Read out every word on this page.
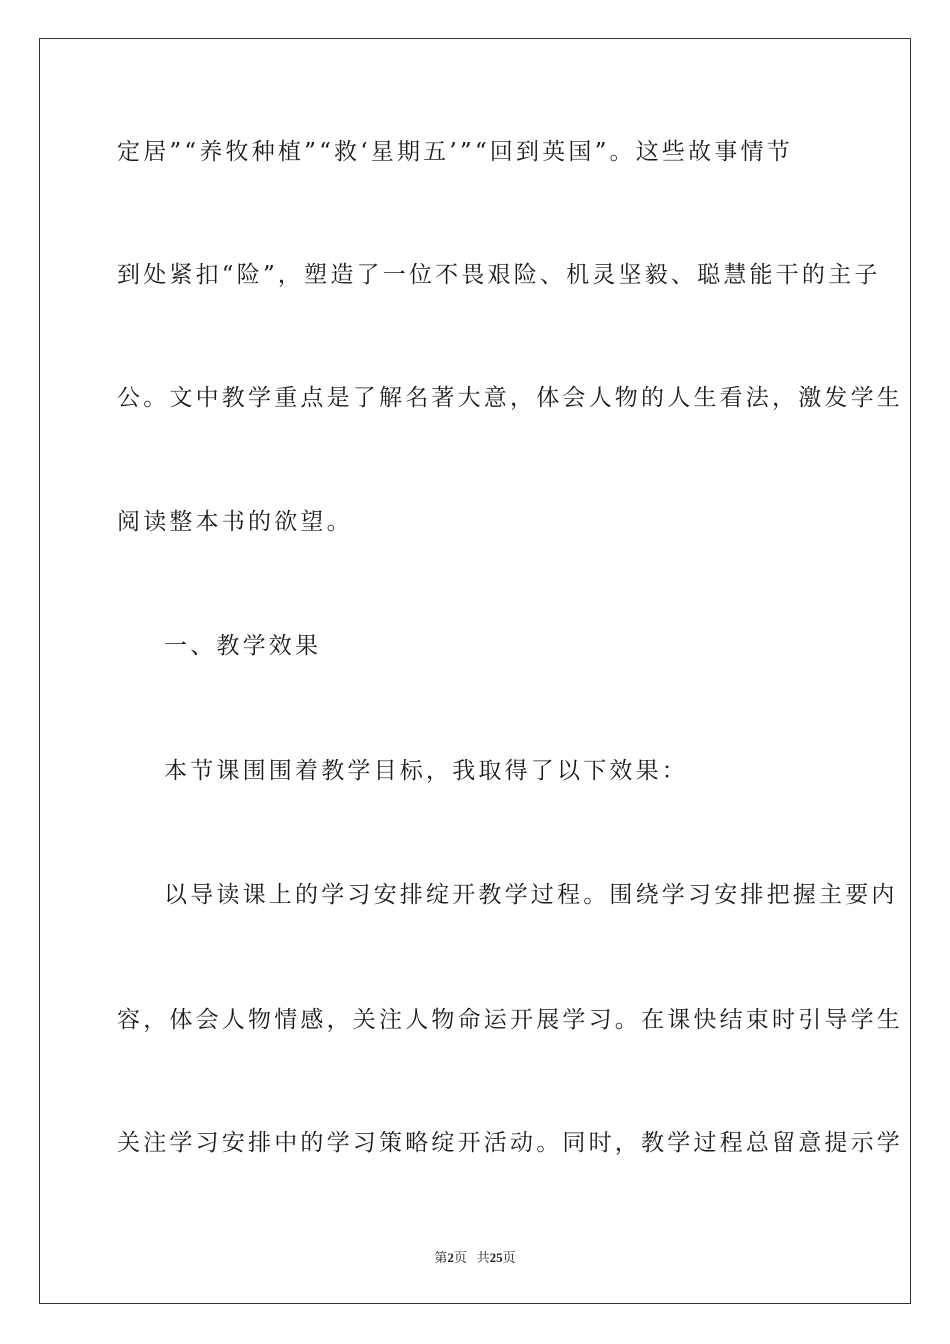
定居”“养牧种植”“救‘星期五’”“回到英国”。这些故事情节
到处紧扣“险”，塑造了一位不畏艰险、机灵坚毅、聪慧能干的主子
公。文中教学重点是了解名著大意，体会人物的人生看法，激发学生
阅读整本书的欲望。
一、教学效果
本节课围围着教学目标，我取得了以下效果：
以导读课上的学习安排绽开教学过程。围绕学习安排把握主要内
容，体会人物情感，关注人物命运开展学习。在课快结束时引导学生
关注学习安排中的学习策略绽开活动。同时，教学过程总留意提示学
第2页 共25页
